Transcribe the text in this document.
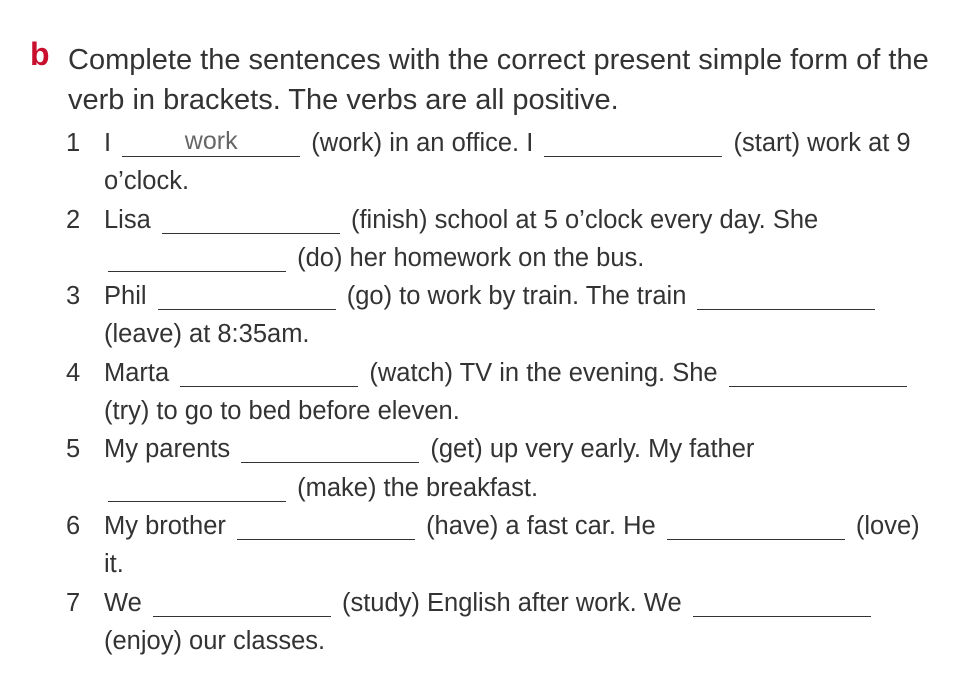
b Complete the sentences with the correct present simple form of the verb in brackets. The verbs are all positive.
1 I	work	(work) in an office. I	(start) work at 9 o’clock.
2 Lisa	(finish) school at 5 o’clock every day. She  (do) her homework on the bus.
3 Phil	(go) to work by train. The train  (leave) at 8:35am.
4 Marta	(watch) TV in the evening. She  (try) to go to bed before eleven.
5 My parents	(get) up very early. My father  (make) the breakfast.
6 My brother	(have) a fast car. He	(love) it.
7 We	(study) English after work. We  (enjoy) our classes.
